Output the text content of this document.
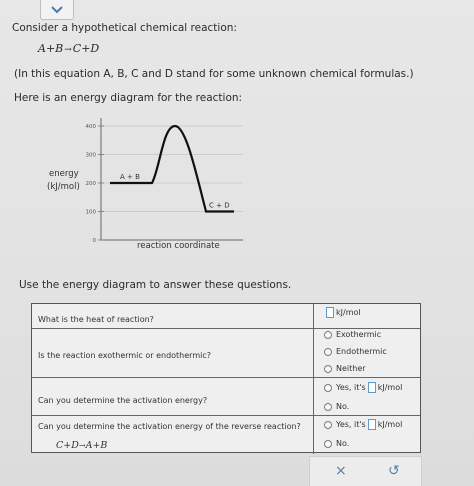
Consider a hypothetical chemical reaction:
A+B→C+D
(In this equation A, B, C and D stand for some unknown chemical formulas.)
Here is an energy diagram for the reaction:
400
300
200
100
0
A + B
C + D
energy
(kJ/mol)
reaction coordinate
Use the energy diagram to answer these questions.
What is the heat of reaction?
kJ/mol
Is the reaction exothermic or endothermic?
Exothermic
Endothermic
Neither
Can you determine the activation energy?
Yes, it's kJ/mol
No.
Can you determine the activation energy of the reverse reaction?
C+D→A+B
Yes, it's kJ/mol
No.
×	↺
